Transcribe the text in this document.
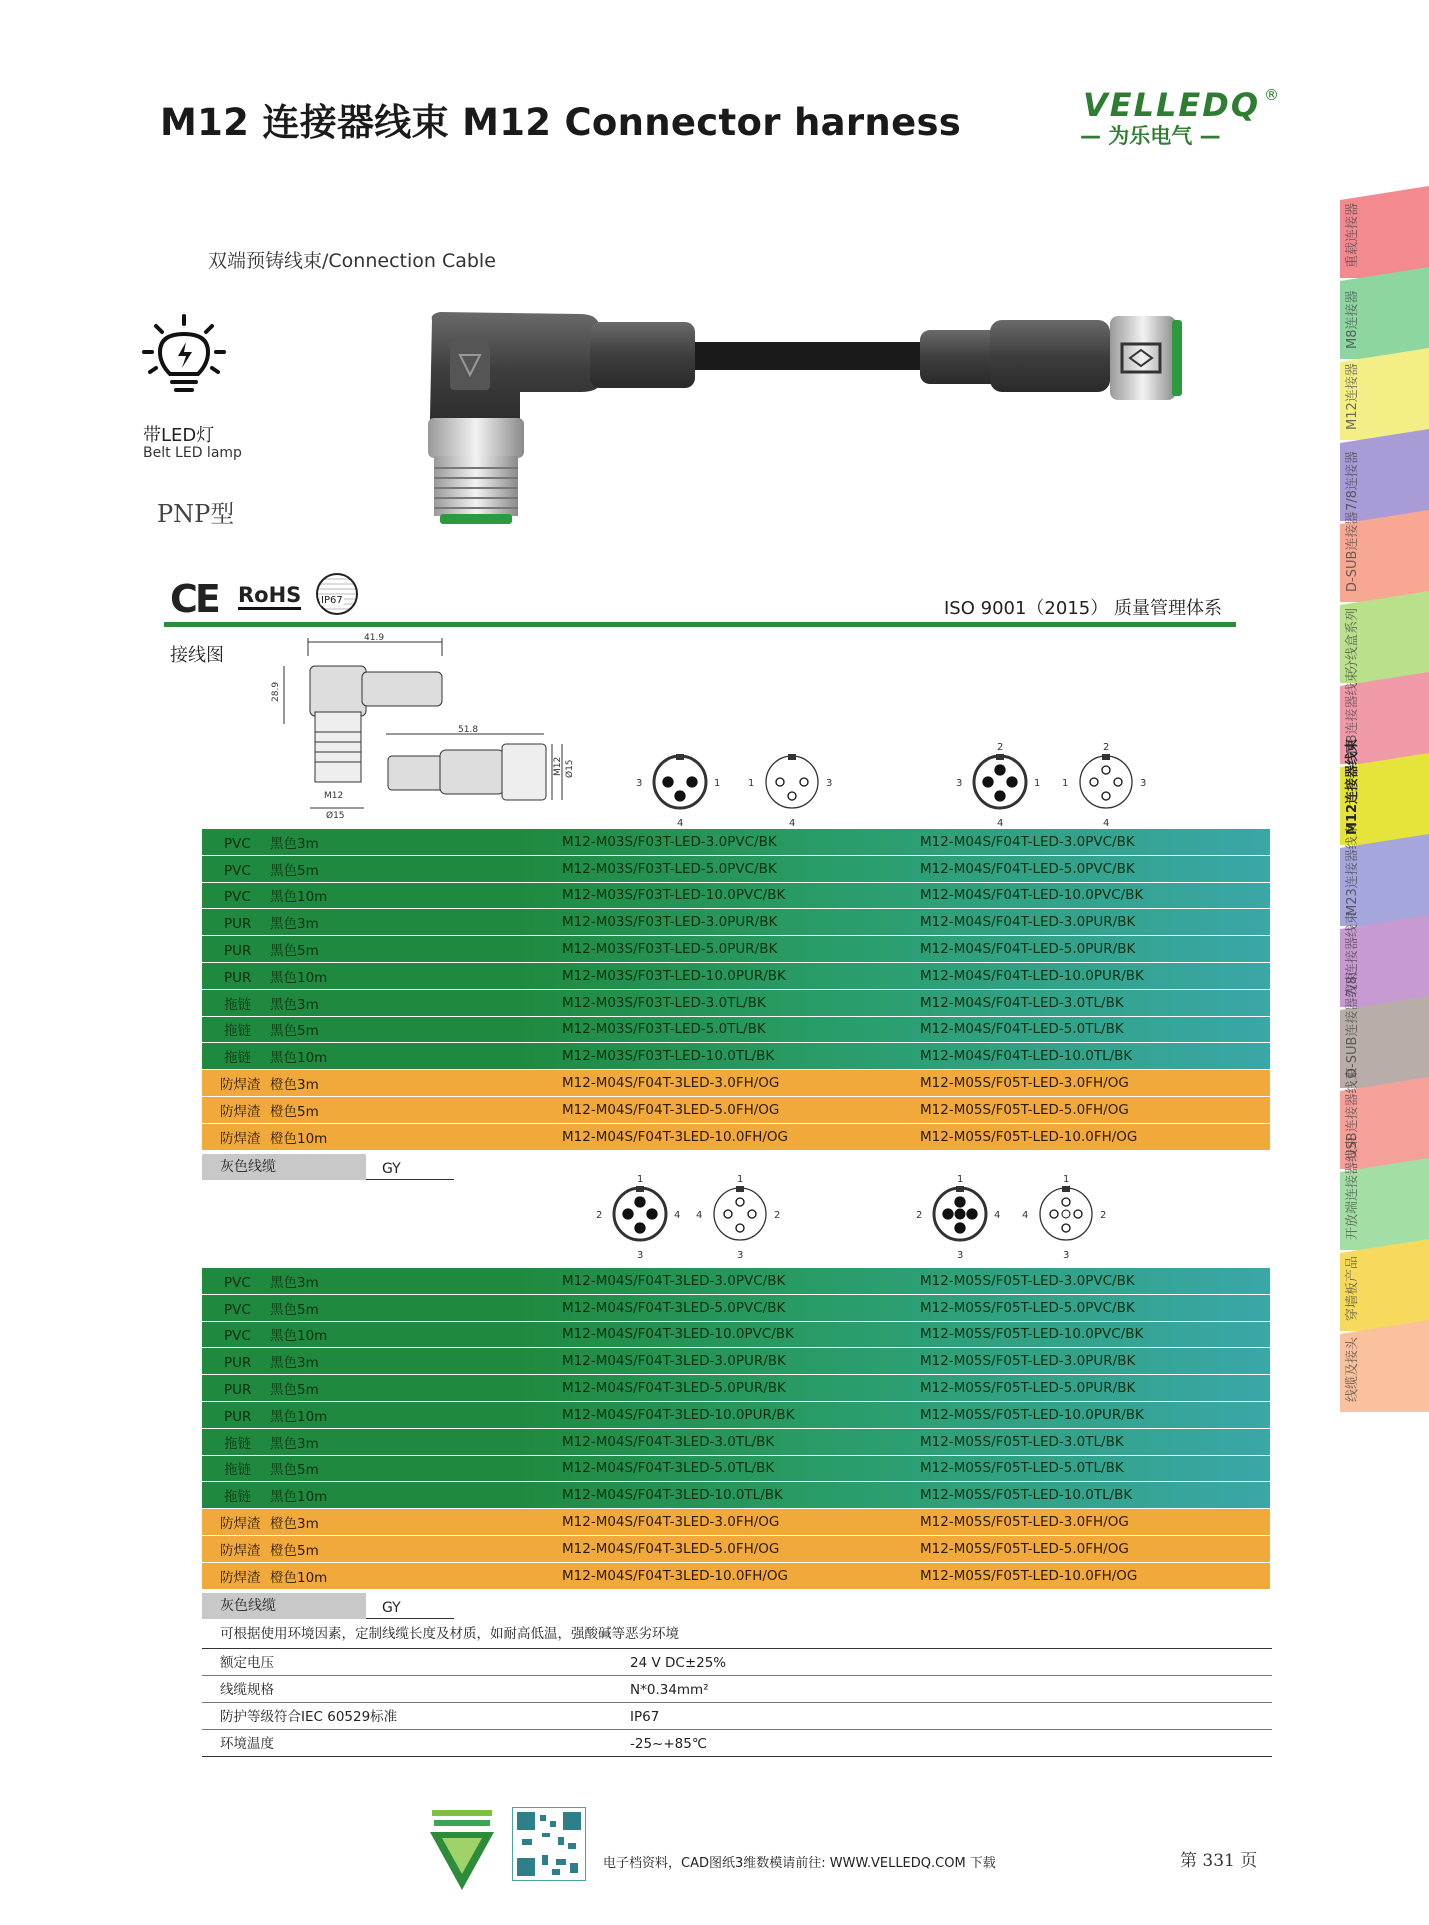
M12 连接器线束 M12 Connector harness	VELLEDQ ®
— 为乐电气 —
重载连接器
M8连接器
M12连接器
7/8连接器
D-SUB连接器
分线盒系列
M8连接器线束
M12连接器线束
M23连接器线束
7/8连接器线束
D-SUB连接器线束
USB连接器线束
开放端连接器线束
穿墙板产品
线缆及接头
双端预铸线束/Connection Cable
带LED灯
Belt LED lamp
PNP型
CE RoHS IP67	ISO 9001（2015） 质量管理体系
接线图
41.9
28.9
51.8
M12
Ø15
M12 Ø15
3	1
4
1	3
4
2
3	1
4
2
1	3
4
PVC 黑色3m	M12-M03S/F03T-LED-3.0PVC/BK	M12-M04S/F04T-LED-3.0PVC/BK
PVC 黑色5m	M12-M03S/F03T-LED-5.0PVC/BK	M12-M04S/F04T-LED-5.0PVC/BK
PVC 黑色10m	M12-M03S/F03T-LED-10.0PVC/BK	M12-M04S/F04T-LED-10.0PVC/BK
PUR 黑色3m	M12-M03S/F03T-LED-3.0PUR/BK	M12-M04S/F04T-LED-3.0PUR/BK
PUR 黑色5m	M12-M03S/F03T-LED-5.0PUR/BK	M12-M04S/F04T-LED-5.0PUR/BK
PUR 黑色10m	M12-M03S/F03T-LED-10.0PUR/BK	M12-M04S/F04T-LED-10.0PUR/BK
拖链 黑色3m	M12-M03S/F03T-LED-3.0TL/BK	M12-M04S/F04T-LED-3.0TL/BK
拖链 黑色5m	M12-M03S/F03T-LED-5.0TL/BK	M12-M04S/F04T-LED-5.0TL/BK
拖链 黑色10m	M12-M03S/F03T-LED-10.0TL/BK	M12-M04S/F04T-LED-10.0TL/BK
防焊渣 橙色3m	M12-M04S/F04T-3LED-3.0FH/OG	M12-M05S/F05T-LED-3.0FH/OG
防焊渣 橙色5m	M12-M04S/F04T-3LED-5.0FH/OG	M12-M05S/F05T-LED-5.0FH/OG
防焊渣 橙色10m	M12-M04S/F04T-3LED-10.0FH/OG	M12-M05S/F05T-LED-10.0FH/OG
灰色线缆	GY
1
2	4
3
1
4	2
3
1
2	4
3
1
4	2
3
PVC 黑色3m	M12-M04S/F04T-3LED-3.0PVC/BK	M12-M05S/F05T-LED-3.0PVC/BK
PVC 黑色5m	M12-M04S/F04T-3LED-5.0PVC/BK	M12-M05S/F05T-LED-5.0PVC/BK
PVC 黑色10m	M12-M04S/F04T-3LED-10.0PVC/BK	M12-M05S/F05T-LED-10.0PVC/BK
PUR 黑色3m	M12-M04S/F04T-3LED-3.0PUR/BK	M12-M05S/F05T-LED-3.0PUR/BK
PUR 黑色5m	M12-M04S/F04T-3LED-5.0PUR/BK	M12-M05S/F05T-LED-5.0PUR/BK
PUR 黑色10m	M12-M04S/F04T-3LED-10.0PUR/BK	M12-M05S/F05T-LED-10.0PUR/BK
拖链 黑色3m	M12-M04S/F04T-3LED-3.0TL/BK	M12-M05S/F05T-LED-3.0TL/BK
拖链 黑色5m	M12-M04S/F04T-3LED-5.0TL/BK	M12-M05S/F05T-LED-5.0TL/BK
拖链 黑色10m	M12-M04S/F04T-3LED-10.0TL/BK	M12-M05S/F05T-LED-10.0TL/BK
防焊渣 橙色3m	M12-M04S/F04T-3LED-3.0FH/OG	M12-M05S/F05T-LED-3.0FH/OG
防焊渣 橙色5m	M12-M04S/F04T-3LED-5.0FH/OG	M12-M05S/F05T-LED-5.0FH/OG
防焊渣 橙色10m	M12-M04S/F04T-3LED-10.0FH/OG	M12-M05S/F05T-LED-10.0FH/OG
灰色线缆	GY
可根据使用环境因素，定制线缆长度及材质，如耐高低温，强酸碱等恶劣环境
额定电压	24 V DC±25%
线缆规格	N*0.34mm²
防护等级符合IEC 60529标准	IP67
环境温度	-25~+85℃
电子档资料，CAD图纸3维数模请前往: WWW.VELLEDQ.COM 下载	第 331 页
